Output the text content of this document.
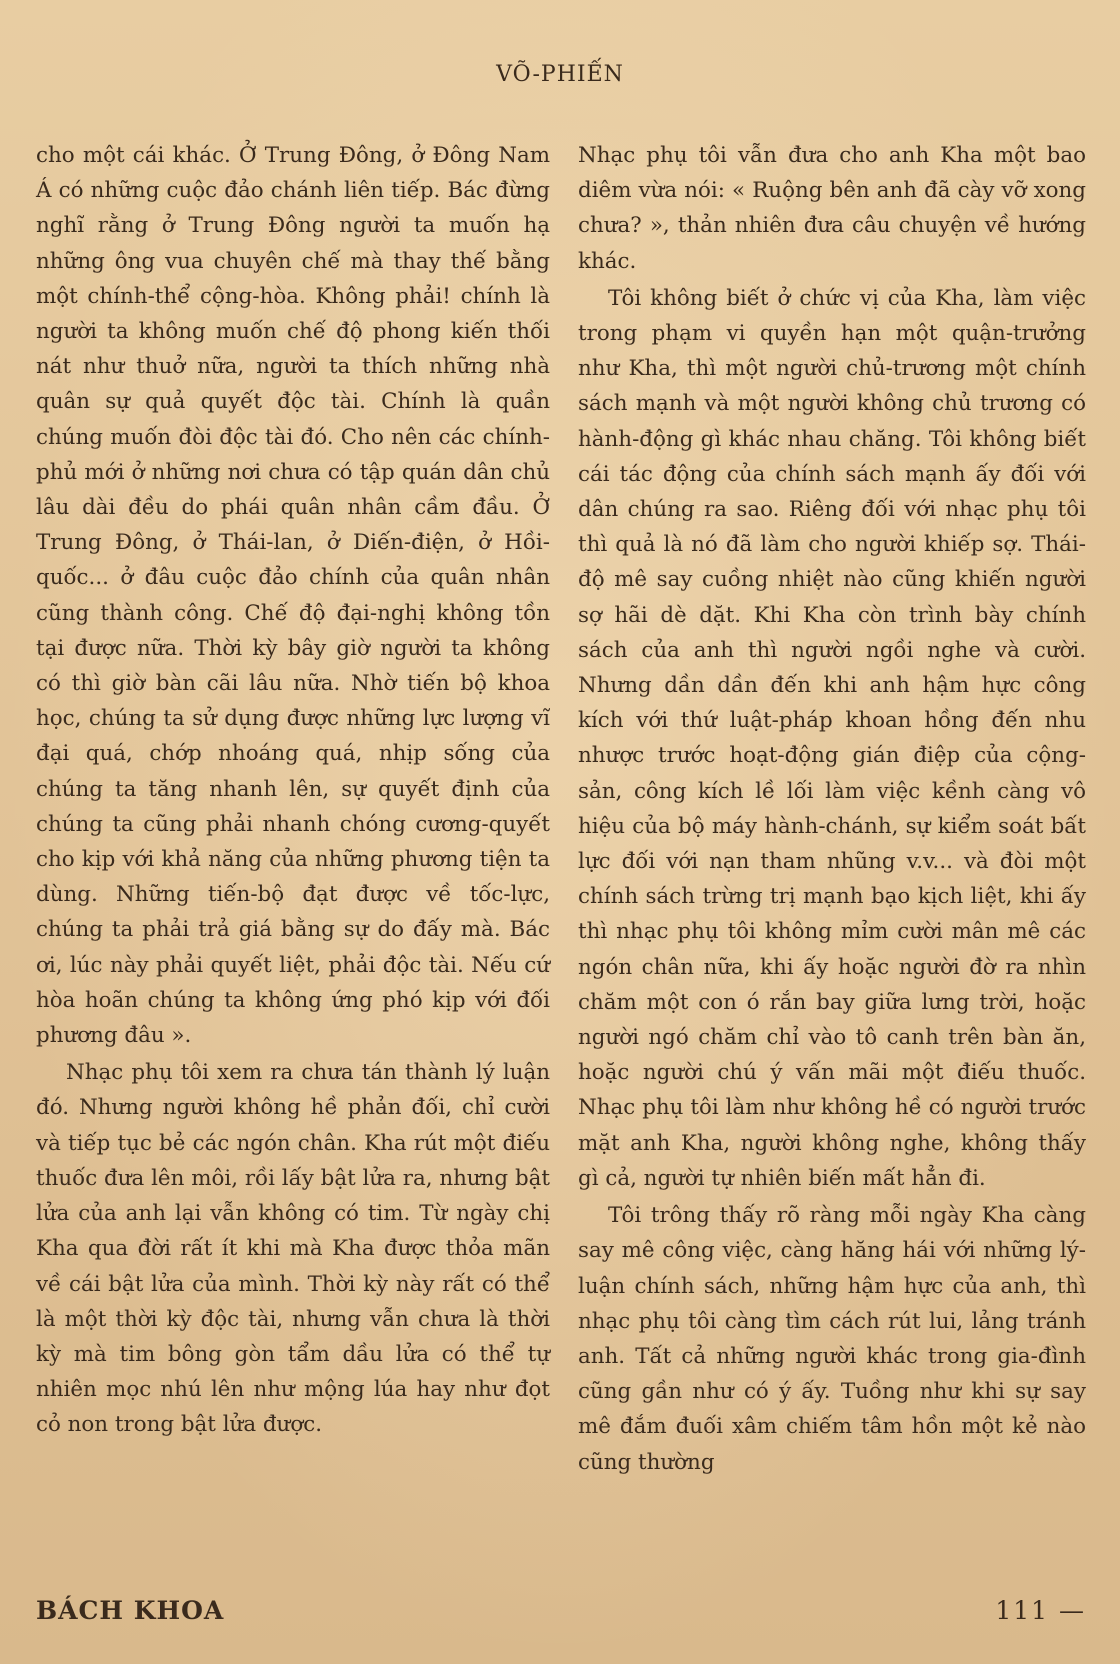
VÕ-PHIẾN

cho một cái khác. Ở Trung Đông, ở Đông Nam Á có những cuộc đảo chánh liên tiếp. Bác đừng nghĩ rằng ở Trung Đông người ta muốn hạ những ông vua chuyên chế mà thay thế bằng một chính-thể cộng-hòa. Không phải! chính là người ta không muốn chế độ phong kiến thối nát như thuở nữa, người ta thích những nhà quân sự quả quyết độc tài. Chính là quần chúng muốn đòi độc tài đó. Cho nên các chính-phủ mới ở những nơi chưa có tập quán dân chủ lâu dài đều do phái quân nhân cầm đầu. Ở Trung Đông, ở Thái-lan, ở Diến-điện, ở Hồi-quốc... ở đâu cuộc đảo chính của quân nhân cũng thành công. Chế độ đại-nghị không tồn tại được nữa. Thời kỳ bây giờ người ta không có thì giờ bàn cãi lâu nữa. Nhờ tiến bộ khoa học, chúng ta sử dụng được những lực lượng vĩ đại quá, chớp nhoáng quá, nhịp sống của chúng ta tăng nhanh lên, sự quyết định của chúng ta cũng phải nhanh chóng cương-quyết cho kịp với khả năng của những phương tiện ta dùng. Những tiến-bộ đạt được về tốc-lực, chúng ta phải trả giá bằng sự do đấy mà. Bác ơi, lúc này phải quyết liệt, phải độc tài. Nếu cứ hòa hoãn chúng ta không ứng phó kịp với đối phương đâu ».

Nhạc phụ tôi xem ra chưa tán thành lý luận đó. Nhưng người không hề phản đối, chỉ cười và tiếp tục bẻ các ngón chân. Kha rút một điếu thuốc đưa lên môi, rồi lấy bật lửa ra, nhưng bật lửa của anh lại vẫn không có tim. Từ ngày chị Kha qua đời rất ít khi mà Kha được thỏa mãn về cái bật lửa của mình. Thời kỳ này rất có thể là một thời kỳ độc tài, nhưng vẫn chưa là thời kỳ mà tim bông gòn tẩm dầu lửa có thể tự nhiên mọc nhú lên như mộng lúa hay như đọt cỏ non trong bật lửa được.

Nhạc phụ tôi vẫn đưa cho anh Kha một bao diêm vừa nói: « Ruộng bên anh đã cày vỡ xong chưa? », thản nhiên đưa câu chuyện về hướng khác.

Tôi không biết ở chức vị của Kha, làm việc trong phạm vi quyền hạn một quận-trưởng như Kha, thì một người chủ-trương một chính sách mạnh và một người không chủ trương có hành-động gì khác nhau chăng. Tôi không biết cái tác động của chính sách mạnh ấy đối với dân chúng ra sao. Riêng đối với nhạc phụ tôi thì quả là nó đã làm cho người khiếp sợ. Thái-độ mê say cuồng nhiệt nào cũng khiến người sợ hãi dè dặt. Khi Kha còn trình bày chính sách của anh thì người ngồi nghe và cười. Nhưng dần dần đến khi anh hậm hực công kích với thứ luật-pháp khoan hồng đến nhu nhược trước hoạt-động gián điệp của cộng-sản, công kích lề lối làm việc kềnh càng vô hiệu của bộ máy hành-chánh, sự kiểm soát bất lực đối với nạn tham nhũng v.v... và đòi một chính sách trừng trị mạnh bạo kịch liệt, khi ấy thì nhạc phụ tôi không mỉm cười mân mê các ngón chân nữa, khi ấy hoặc người đờ ra nhìn chăm một con ó rắn bay giữa lưng trời, hoặc người ngó chăm chỉ vào tô canh trên bàn ăn, hoặc người chú ý vấn mãi một điếu thuốc. Nhạc phụ tôi làm như không hề có người trước mặt anh Kha, người không nghe, không thấy gì cả, người tự nhiên biến mất hẳn đi.

Tôi trông thấy rõ ràng mỗi ngày Kha càng say mê công việc, càng hăng hái với những lý-luận chính sách, những hậm hực của anh, thì nhạc phụ tôi càng tìm cách rút lui, lảng tránh anh. Tất cả những người khác trong gia-đình cũng gần như có ý ấy. Tuồng như khi sự say mê đắm đuối xâm chiếm tâm hồn một kẻ nào cũng thường

BÁCH KHOA	111 —
